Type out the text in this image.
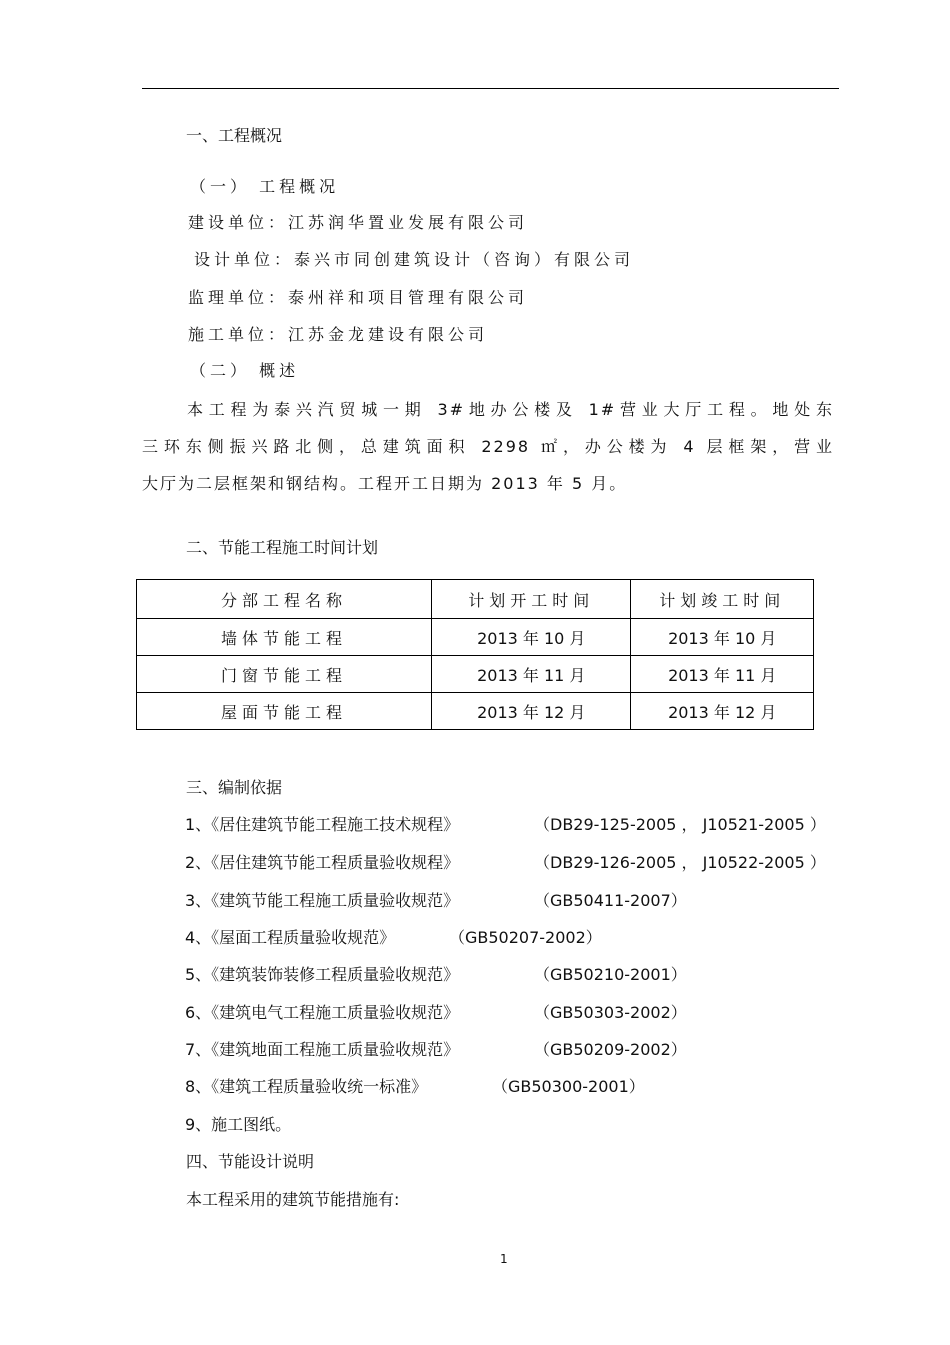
一、工程概况
（一） 工程概况
建设单位：江苏润华置业发展有限公司
设计单位：泰兴市同创建筑设计（咨询）有限公司
监理单位：泰州祥和项目管理有限公司
施工单位：江苏金龙建设有限公司
（二） 概述
本工程为泰兴汽贸城一期 3#地办公楼及 1#营业大厅工程。地处东
三环东侧振兴路北侧，总建筑面积 2298 ㎡，办公楼为 4 层框架，营业
大厅为二层框架和钢结构。工程开工日期为 2013 年 5 月。
二、节能工程施工时间计划
分部工程名称	计划开工时间	计划竣工时间
墙体节能工程	2013 年 10 月	2013 年 10 月
门窗节能工程	2013 年 11 月	2013 年 11 月
屋面节能工程	2013 年 12 月	2013 年 12 月
三、编制依据
1、《居住建筑节能工程施工技术规程》	（DB29-125-2005 ， J10521-2005 ）
2、《居住建筑节能工程质量验收规程》	（DB29-126-2005 ， J10522-2005 ）
3、《建筑节能工程施工质量验收规范》	（GB50411-2007）
4、《屋面工程质量验收规范》	（GB50207-2002）
5、《建筑装饰装修工程质量验收规范》	（GB50210-2001）
6、《建筑电气工程施工质量验收规范》	（GB50303-2002）
7、《建筑地面工程施工质量验收规范》	（GB50209-2002）
8、《建筑工程质量验收统一标准》	（GB50300-2001）
9、施工图纸。
四、节能设计说明
本工程采用的建筑节能措施有:
1
